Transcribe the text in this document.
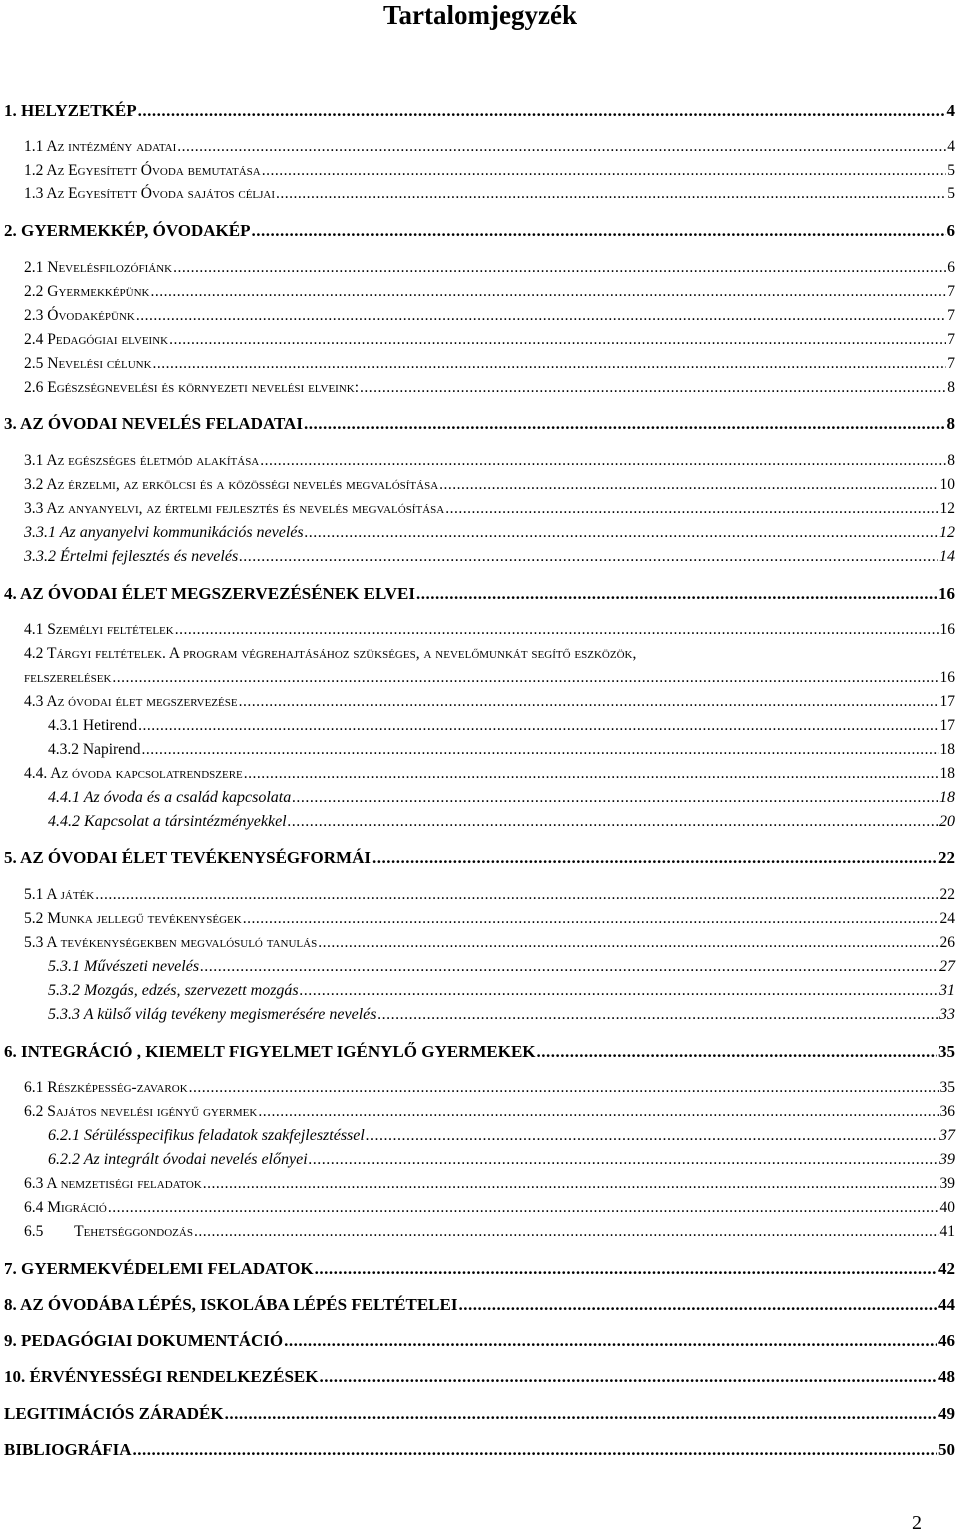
Tartalomjegyzék
1. HELYZETKÉP .....	4
1.1 Az intézmény adatai .....	4
1.2 Az Egyesített Óvoda bemutatása .....	5
1.3 Az Egyesített Óvoda sajátos céljai .....	5
2. GYERMEKKÉP, ÓVODAKÉP .....	6
2.1 Nevelésfilozófiánk .....	6
2.2 Gyermekképünk .....	7
2.3 Óvodaképünk .....	7
2.4 Pedagógiai elveink .....	7
2.5 Nevelési célunk .....	7
2.6 Egészségnevelési és környezeti nevelési elveink: .....	8
3. AZ ÓVODAI NEVELÉS FELADATAI .....	8
3.1 Az egészséges életmód alakítása .....	8
3.2 Az érzelmi, az erkölcsi és a közösségi nevelés megvalósítása .....	10
3.3 Az anyanyelvi, az értelmi fejlesztés és nevelés megvalósítása .....	12
3.3.1 Az anyanyelvi kommunikációs nevelés .....	12
3.3.2 Értelmi fejlesztés és nevelés .....	14
4. AZ ÓVODAI ÉLET MEGSZERVEZÉSÉNEK ELVEI .....	16
4.1 Személyi feltételek .....	16
4.2 Tárgyi feltételek. A program végrehajtásához szükséges, a nevelőmunkát segítő eszközök,
felszerelések .....	16
4.3 Az óvodai élet megszervezése .....	17
4.3.1 Hetirend .....	17
4.3.2 Napirend .....	18
4.4. Az óvoda kapcsolatrendszere .....	18
4.4.1 Az óvoda és a család kapcsolata .....	18
4.4.2 Kapcsolat a társintézményekkel .....	20
5. AZ ÓVODAI ÉLET TEVÉKENYSÉGFORMÁI .....	22
5.1 A játék .....	22
5.2 Munka jellegű tevékenységek .....	24
5.3 A tevékenységekben megvalósuló tanulás .....	26
5.3.1 Művészeti nevelés .....	27
5.3.2 Mozgás, edzés, szervezett mozgás .....	31
5.3.3 A külső világ tevékeny megismerésére nevelés .....	33
6. INTEGRÁCIÓ , KIEMELT FIGYELMET IGÉNYLŐ GYERMEKEK .....	35
6.1 Részképesség-zavarok .....	35
6.2 Sajátos nevelési igényű gyermek .....	36
6.2.1 Sérülésspecifikus feladatok szakfejlesztéssel .....	37
6.2.2 Az integrált óvodai nevelés előnyei .....	39
6.3 A nemzetiségi feladatok .....	39
6.4 Migráció .....	40
6.5        Tehetséggondozás .....	41
7. GYERMEKVÉDELEMI FELADATOK .....	42
8. AZ ÓVODÁBA LÉPÉS, ISKOLÁBA LÉPÉS FELTÉTELEI .....	44
9. PEDAGÓGIAI DOKUMENTÁCIÓ .....	46
10. ÉRVÉNYESSÉGI RENDELKEZÉSEK .....	48
LEGITIMÁCIÓS ZÁRADÉK .....	49
BIBLIOGRÁFIA .....	50
2
